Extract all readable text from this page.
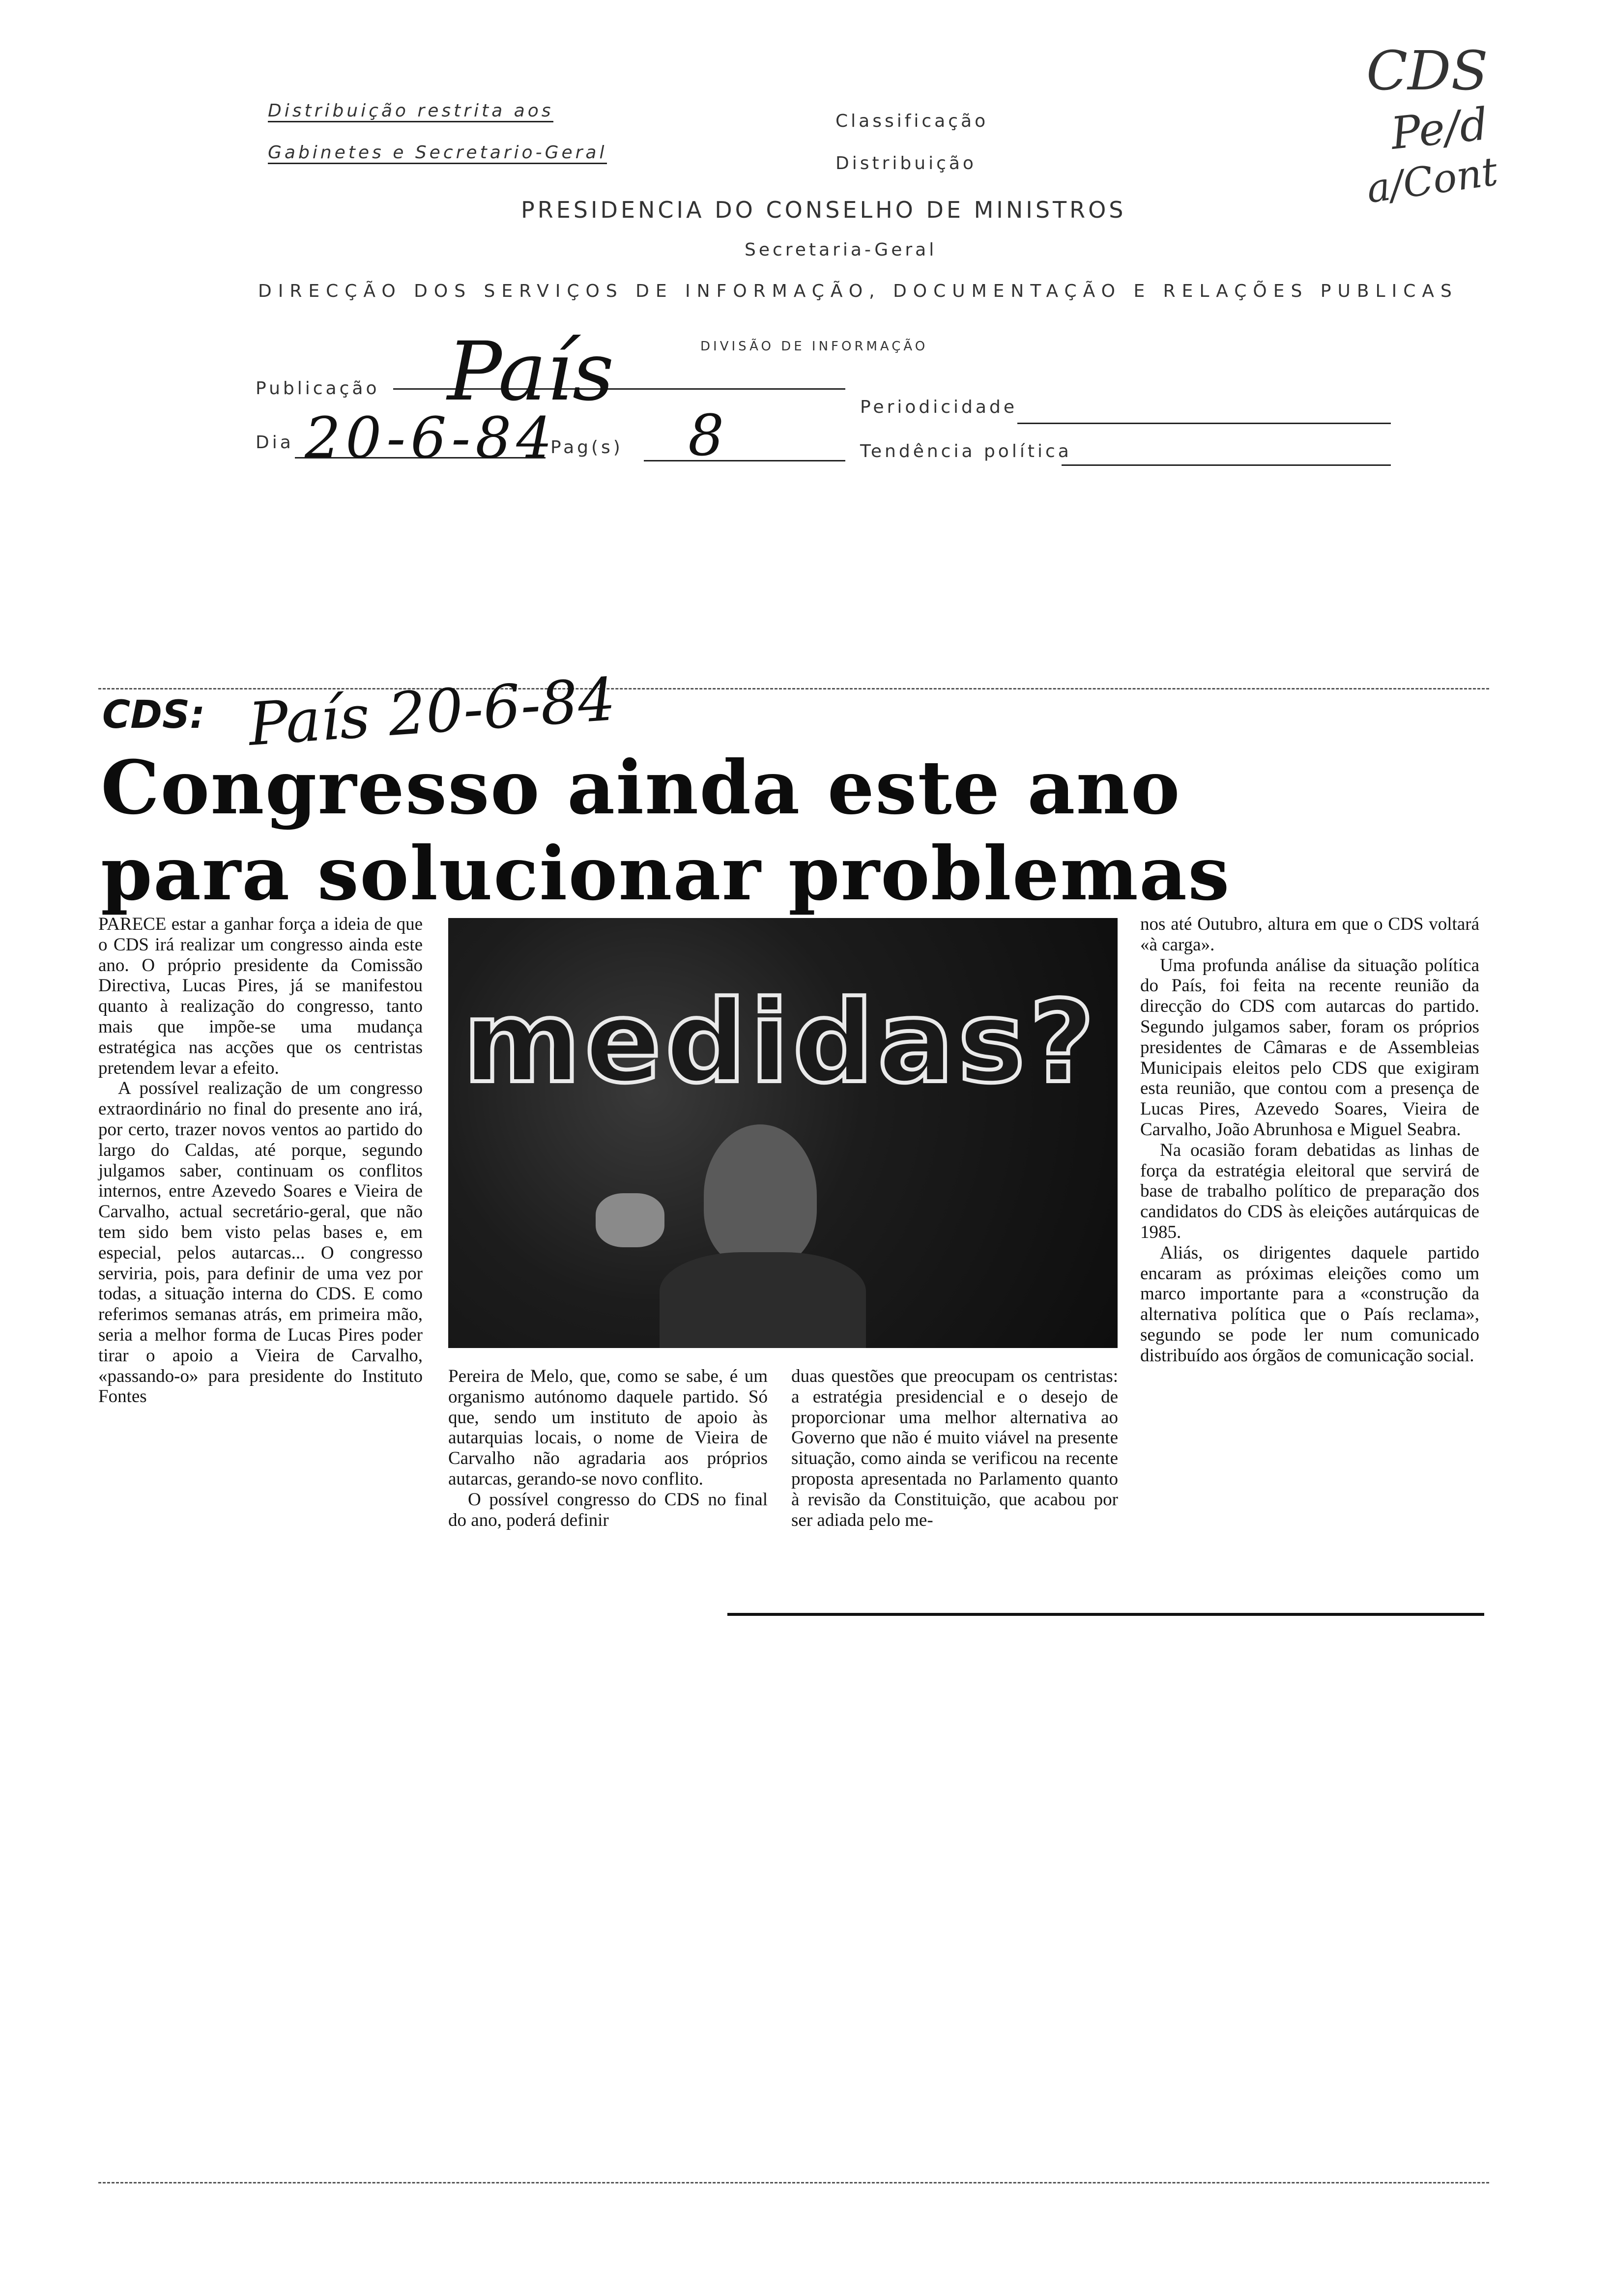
Distribuição restrita aos
Gabinetes e Secretario-Geral
Classificação
Distribuição
PRESIDENCIA DO CONSELHO DE MINISTROS
Secretaria-Geral
DIRECÇÃO DOS SERVIÇOS DE INFORMAÇÃO, DOCUMENTAÇÃO E RELAÇÕES PUBLICAS
DIVISÃO DE INFORMAÇÃO
CDS
Pe/d
a/Cont
Publicação País	Periodicidade
Dia 20-6-84
Pag(s) 8	Tendência política
CDS: País 20-6-84
Congresso ainda este ano
para solucionar problemas

PARECE estar a ganhar força a ideia de que o CDS irá realizar um congresso ainda este ano. O próprio presidente da Comissão Directiva, Lucas Pires, já se manifestou quanto à realização do congresso, tanto mais que impõe-se uma mudança estratégica nas acções que os centristas pretendem levar a efeito.

A possível realização de um congresso extraordinário no final do presente ano irá, por certo, trazer novos ventos ao partido do largo do Caldas, até porque, segundo julgamos saber, continuam os conflitos internos, entre Azevedo Soares e Vieira de Carvalho, actual secretário-geral, que não tem sido bem visto pelas bases e, em especial, pelos autarcas... O congresso serviria, pois, para definir de uma vez por todas, a situação interna do CDS. E como referimos semanas atrás, em primeira mão, seria a melhor forma de Lucas Pires poder tirar o apoio a Vieira de Carvalho, «passando-o» para presidente do Instituto Fontes

medidas?

Pereira de Melo, que, como se sabe, é um organismo autónomo daquele partido. Só que, sendo um instituto de apoio às autarquias locais, o nome de Vieira de Carvalho não agradaria aos próprios autarcas, gerando-se novo conflito.

O possível congresso do CDS no final do ano, poderá definir

duas questões que preocupam os centristas: a estratégia presidencial e o desejo de proporcionar uma melhor alternativa ao Governo que não é muito viável na presente situação, como ainda se verificou na recente proposta apresentada no Parlamento quanto à revisão da Constituição, que acabou por ser adiada pelo me-

nos até Outubro, altura em que o CDS voltará «à carga».

Uma profunda análise da situação política do País, foi feita na recente reunião da direcção do CDS com autarcas do partido. Segundo julgamos saber, foram os próprios presidentes de Câmaras e de Assembleias Municipais eleitos pelo CDS que exigiram esta reunião, que contou com a presença de Lucas Pires, Azevedo Soares, Vieira de Carvalho, João Abrunhosa e Miguel Seabra.

Na ocasião foram debatidas as linhas de força da estratégia eleitoral que servirá de base de trabalho político de preparação dos candidatos do CDS às eleições autárquicas de 1985.

Aliás, os dirigentes daquele partido encaram as próximas eleições como um marco importante para a «construção da alternativa política que o País reclama», segundo se pode ler num comunicado distribuído aos órgãos de comunicação social.
